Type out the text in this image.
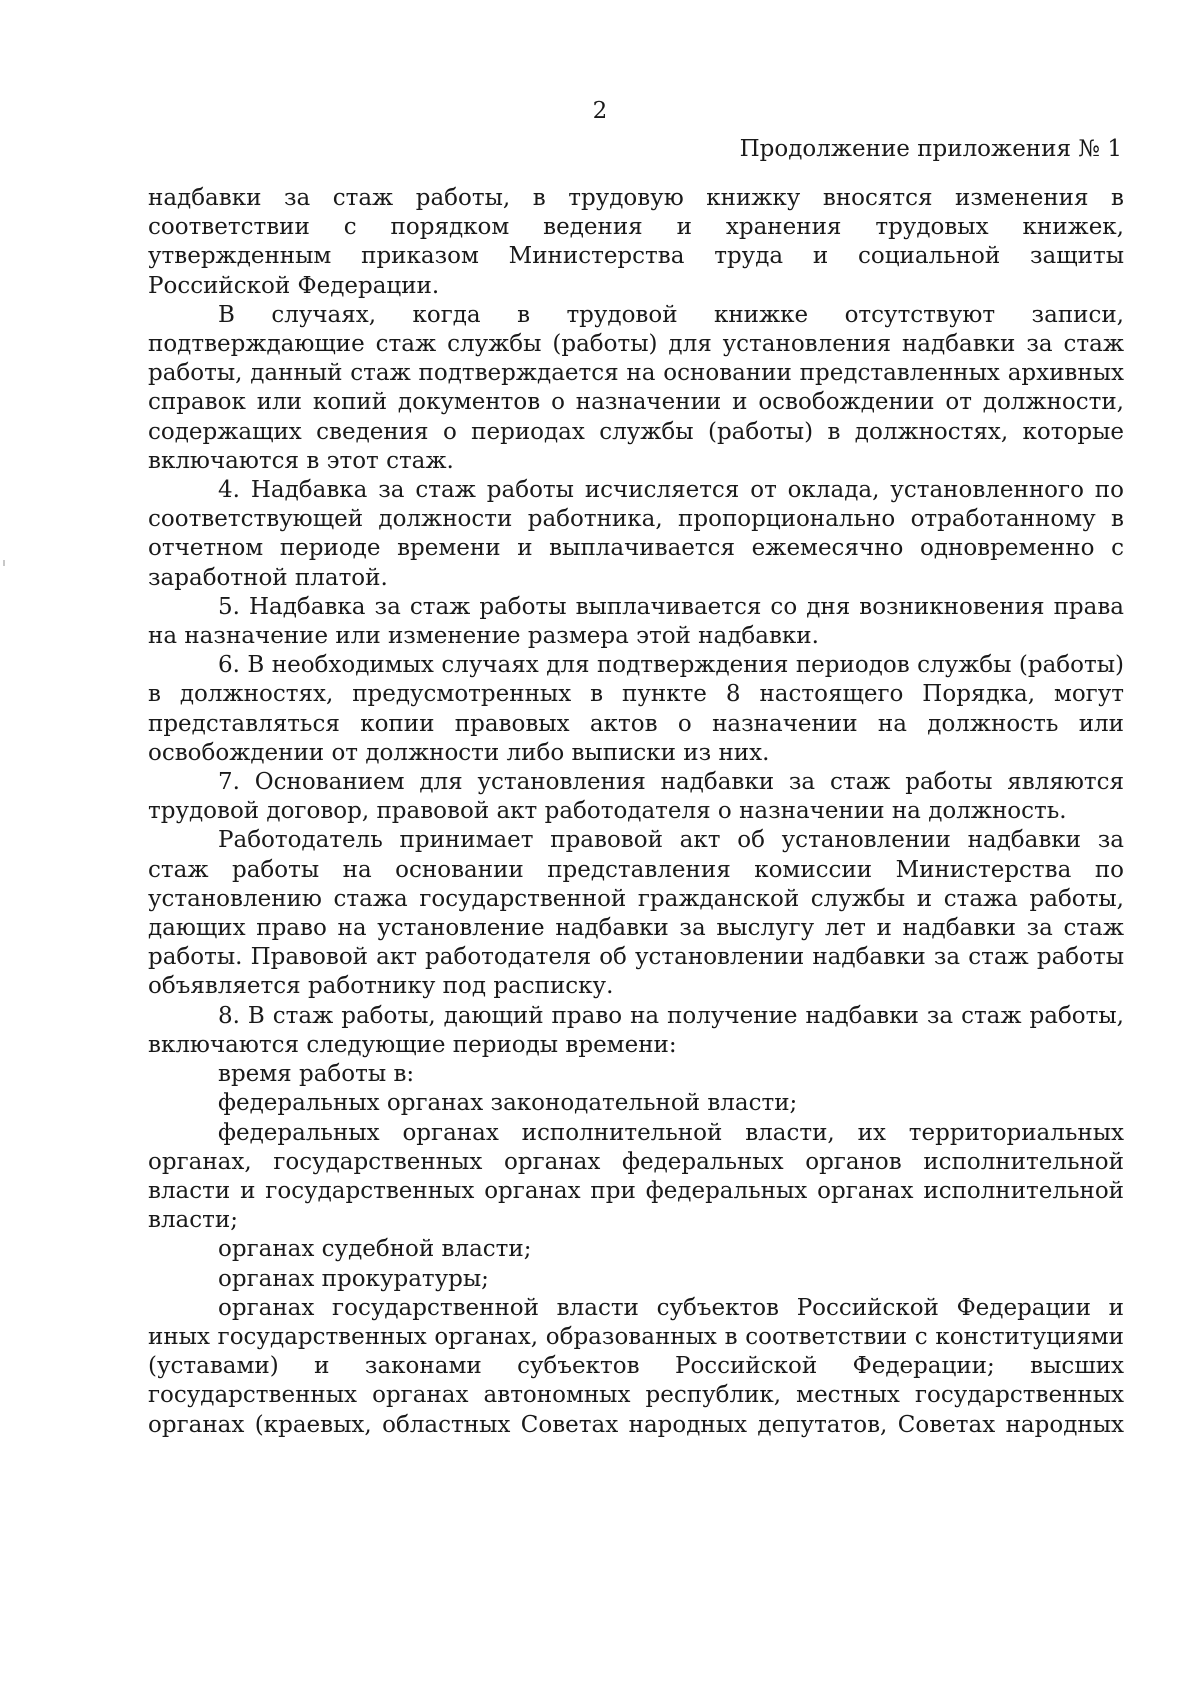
2
Продолжение приложения № 1

надбавки за стаж работы, в трудовую книжку вносятся изменения в соответствии с порядком ведения и хранения трудовых книжек, утвержденным приказом Министерства труда и социальной защиты Российской Федерации.

В случаях, когда в трудовой книжке отсутствуют записи, подтверждающие стаж службы (работы) для установления надбавки за стаж работы, данный стаж подтверждается на основании представленных архивных справок или копий документов о назначении и освобождении от должности, содержащих сведения о периодах службы (работы) в должностях, которые включаются в этот стаж.

4. Надбавка за стаж работы исчисляется от оклада, установленного по соответствующей должности работника, пропорционально отработанному в отчетном периоде времени и выплачивается ежемесячно одновременно с заработной платой.

5. Надбавка за стаж работы выплачивается со дня возникновения права на назначение или изменение размера этой надбавки.

6. В необходимых случаях для подтверждения периодов службы (работы) в должностях, предусмотренных в пункте 8 настоящего Порядка, могут представляться копии правовых актов о назначении на должность или освобождении от должности либо выписки из них.

7. Основанием для установления надбавки за стаж работы являются трудовой договор, правовой акт работодателя о назначении на должность.

Работодатель принимает правовой акт об установлении надбавки за стаж работы на основании представления комиссии Министерства по установлению стажа государственной гражданской службы и стажа работы, дающих право на установление надбавки за выслугу лет и надбавки за стаж работы. Правовой акт работодателя об установлении надбавки за стаж работы объявляется работнику под расписку.

8. В стаж работы, дающий право на получение надбавки за стаж работы, включаются следующие периоды времени:

время работы в:

федеральных органах законодательной власти;

федеральных органах исполнительной власти, их территориальных органах, государственных органах федеральных органов исполнительной власти и государственных органах при федеральных органах исполнительной власти;

органах судебной власти;

органах прокуратуры;

органах государственной власти субъектов Российской Федерации и иных государственных органах, образованных в соответствии с конституциями (уставами) и законами субъектов Российской Федерации; высших государственных органах автономных республик, местных государственных органах (краевых, областных Советах народных депутатов, Советах народных
